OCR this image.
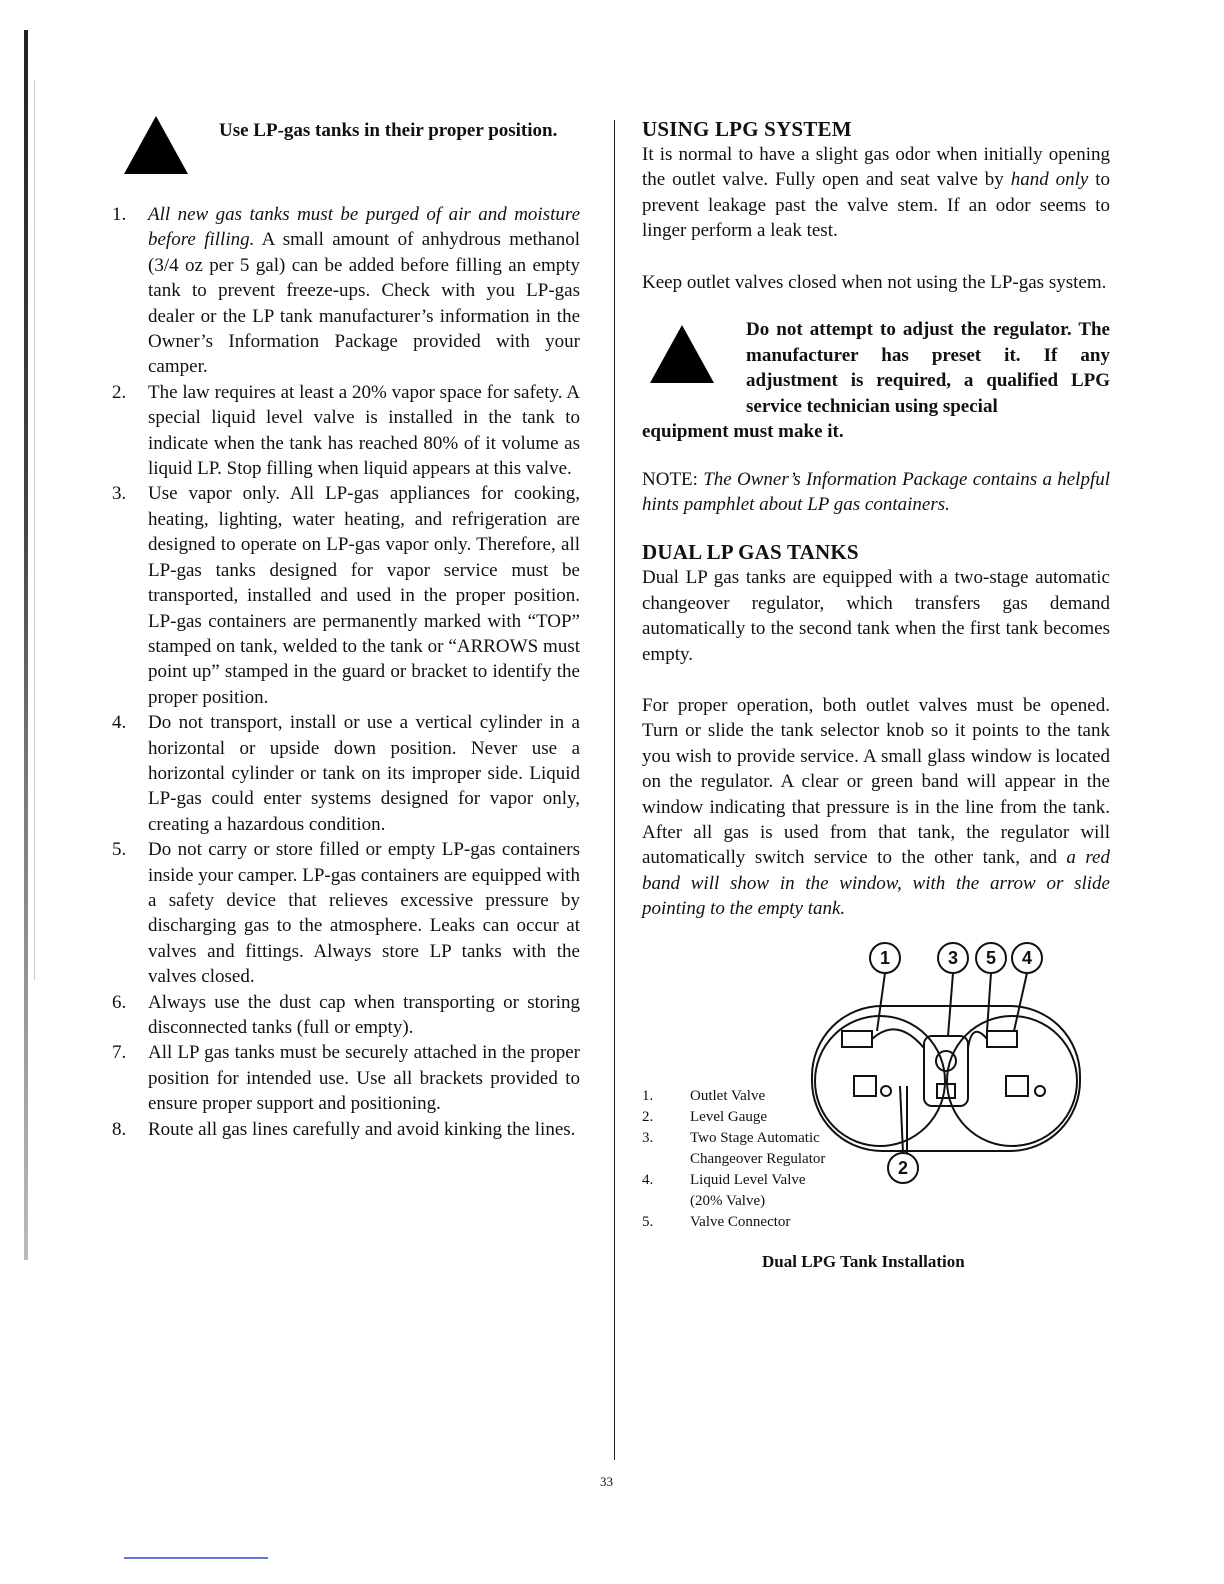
Use LP-gas tanks in their proper position.
1. All new gas tanks must be purged of air and moisture before filling. A small amount of anhydrous methanol (3/4 oz per 5 gal) can be added before filling an empty tank to prevent freeze-ups. Check with you LP-gas dealer or the LP tank manufacturer’s information in the Owner’s Information Package provided with your camper.
2. The law requires at least a 20% vapor space for safety. A special liquid level valve is installed in the tank to indicate when the tank has reached 80% of it volume as liquid LP. Stop filling when liquid appears at this valve.
3. Use vapor only. All LP-gas appliances for cooking, heating, lighting, water heating, and refrigeration are designed to operate on LP-gas vapor only. Therefore, all LP-gas tanks designed for vapor service must be transported, installed and used in the proper position. LP-gas containers are permanently marked with “TOP” stamped on tank, welded to the tank or “ARROWS must point up” stamped in the guard or bracket to identify the proper position.
4. Do not transport, install or use a vertical cylinder in a horizontal or upside down position. Never use a horizontal cylinder or tank on its improper side. Liquid LP-gas could enter systems designed for vapor only, creating a hazardous condition.
5. Do not carry or store filled or empty LP-gas containers inside your camper. LP-gas containers are equipped with a safety device that relieves excessive pressure by discharging gas to the atmosphere. Leaks can occur at valves and fittings. Always store LP tanks with the valves closed.
6. Always use the dust cap when transporting or storing disconnected tanks (full or empty).
7. All LP gas tanks must be securely attached in the proper position for intended use. Use all brackets provided to ensure proper support and positioning.
8. Route all gas lines carefully and avoid kinking the lines.
USING LPG SYSTEM

It is normal to have a slight gas odor when initially opening the outlet valve. Fully open and seat valve by hand only to prevent leakage past the valve stem. If an odor seems to linger perform a leak test.

Keep outlet valves closed when not using the LP-gas system.

Do not attempt to adjust the regulator. The manufacturer has preset it. If any adjustment is required, a qualified LPG service technician using special
equipment must make it.

NOTE: The Owner’s Information Package contains a helpful hints pamphlet about LP gas containers.

DUAL LP GAS TANKS

Dual LP gas tanks are equipped with a two-stage automatic changeover regulator, which transfers gas demand automatically to the second tank when the first tank becomes empty.

For proper operation, both outlet valves must be opened. Turn or slide the tank selector knob so it points to the tank you wish to provide service. A small glass window is located on the regulator. A clear or green band will appear in the window indicating that pressure is in the line from the tank. After all gas is used from that tank, the regulator will automatically switch service to the other tank, and a red band will show in the window, with the arrow or slide pointing to the empty tank.

1	3 5 4
2
1. Outlet Valve
2. Level Gauge
3. Two Stage Automatic Changeover Regulator
4. Liquid Level Valve (20% Valve)
5. Valve Connector
Dual LPG Tank Installation
33
